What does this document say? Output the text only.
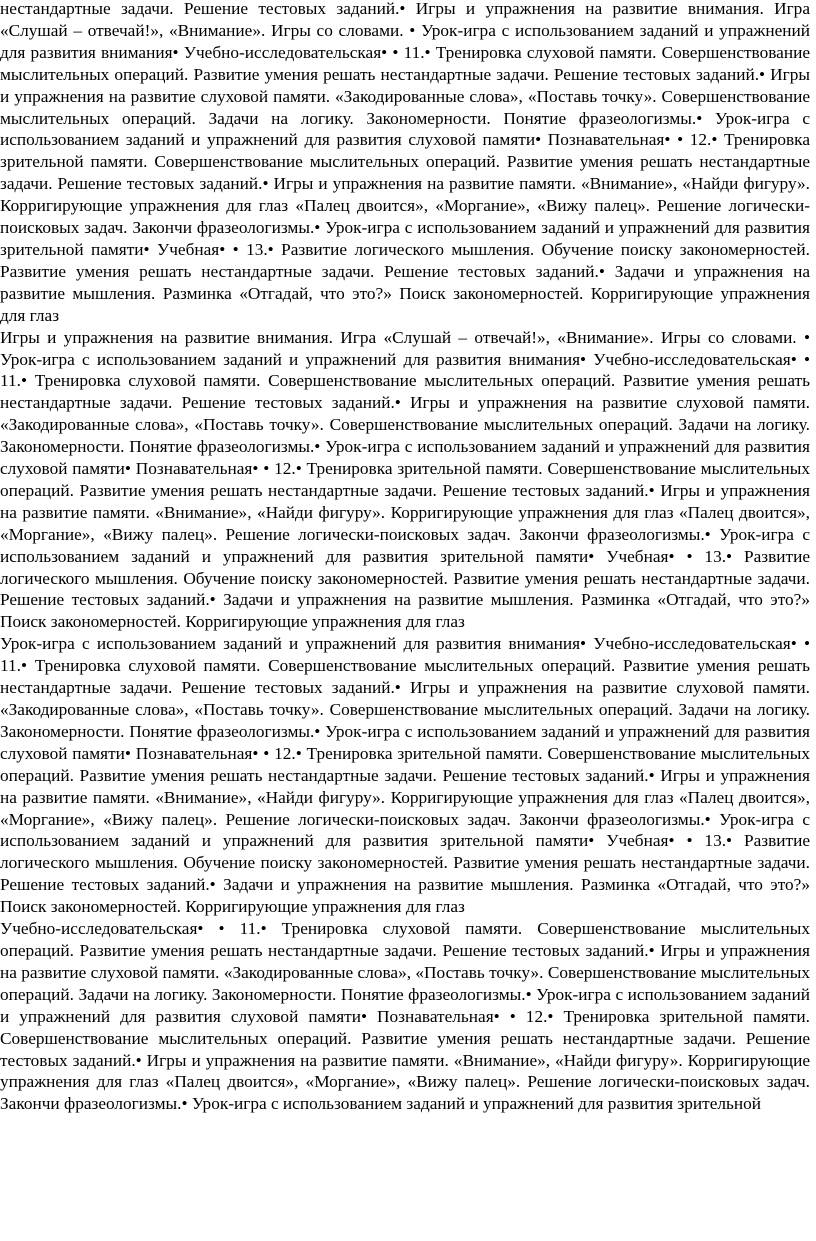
нестандартные задачи. Решение тестовых заданий.• Игры и упражнения на развитие внимания. Игра «Слушай – отвечай!», «Внимание». Игры со словами. • Урок-игра с использованием заданий и упражнений для развития внимания• Учебно-исследовательская• • 11.• Тренировка слуховой памяти. Совершенствование мыслительных операций. Развитие умения решать нестандартные задачи. Решение тестовых заданий.• Игры и упражнения на развитие слуховой памяти. «Закодированные слова», «Поставь точку». Совершенствование мыслительных операций. Задачи на логику. Закономерности. Понятие фразеологизмы.• Урок-игра с использованием заданий и упражнений для развития слуховой памяти• Познавательная• • 12.• Тренировка зрительной памяти. Совершенствование мыслительных операций. Развитие умения решать нестандартные задачи. Решение тестовых заданий.• Игры и упражнения на развитие памяти. «Внимание», «Найди фигуру». Корригирующие упражнения для глаз «Палец двоится», «Моргание», «Вижу палец». Решение логически-поисковых задач. Закончи фразеологизмы.• Урок-игра с использованием заданий и упражнений для развития зрительной памяти• Учебная• • 13.• Развитие логического мышления. Обучение поиску закономерностей. Развитие умения решать нестандартные задачи. Решение тестовых заданий.• Задачи и упражнения на развитие мышления. Разминка «Отгадай, что это?» Поиск закономерностей. Корригирующие упражнения для глаз

Игры и упражнения на развитие внимания. Игра «Слушай – отвечай!», «Внимание». Игры со словами. • Урок-игра с использованием заданий и упражнений для развития внимания• Учебно-исследовательская• • 11.• Тренировка слуховой памяти. Совершенствование мыслительных операций. Развитие умения решать нестандартные задачи. Решение тестовых заданий.• Игры и упражнения на развитие слуховой памяти. «Закодированные слова», «Поставь точку». Совершенствование мыслительных операций. Задачи на логику. Закономерности. Понятие фразеологизмы.• Урок-игра с использованием заданий и упражнений для развития слуховой памяти• Познавательная• • 12.• Тренировка зрительной памяти. Совершенствование мыслительных операций. Развитие умения решать нестандартные задачи. Решение тестовых заданий.• Игры и упражнения на развитие памяти. «Внимание», «Найди фигуру». Корригирующие упражнения для глаз «Палец двоится», «Моргание», «Вижу палец». Решение логически-поисковых задач. Закончи фразеологизмы.• Урок-игра с использованием заданий и упражнений для развития зрительной памяти• Учебная• • 13.• Развитие логического мышления. Обучение поиску закономерностей. Развитие умения решать нестандартные задачи. Решение тестовых заданий.• Задачи и упражнения на развитие мышления. Разминка «Отгадай, что это?» Поиск закономерностей. Корригирующие упражнения для глаз

Урок-игра с использованием заданий и упражнений для развития внимания• Учебно-исследовательская• • 11.• Тренировка слуховой памяти. Совершенствование мыслительных операций. Развитие умения решать нестандартные задачи. Решение тестовых заданий.• Игры и упражнения на развитие слуховой памяти. «Закодированные слова», «Поставь точку». Совершенствование мыслительных операций. Задачи на логику. Закономерности. Понятие фразеологизмы.• Урок-игра с использованием заданий и упражнений для развития слуховой памяти• Познавательная• • 12.• Тренировка зрительной памяти. Совершенствование мыслительных операций. Развитие умения решать нестандартные задачи. Решение тестовых заданий.• Игры и упражнения на развитие памяти. «Внимание», «Найди фигуру». Корригирующие упражнения для глаз «Палец двоится», «Моргание», «Вижу палец». Решение логически-поисковых задач. Закончи фразеологизмы.• Урок-игра с использованием заданий и упражнений для развития зрительной памяти• Учебная• • 13.• Развитие логического мышления. Обучение поиску закономерностей. Развитие умения решать нестандартные задачи. Решение тестовых заданий.• Задачи и упражнения на развитие мышления. Разминка «Отгадай, что это?» Поиск закономерностей. Корригирующие упражнения для глаз

Учебно-исследовательская• • 11.• Тренировка слуховой памяти. Совершенствование мыслительных операций. Развитие умения решать нестандартные задачи. Решение тестовых заданий.• Игры и упражнения на развитие слуховой памяти. «Закодированные слова», «Поставь точку». Совершенствование мыслительных операций. Задачи на логику. Закономерности. Понятие фразеологизмы.• Урок-игра с использованием заданий и упражнений для развития слуховой памяти• Познавательная• • 12.• Тренировка зрительной памяти. Совершенствование мыслительных операций. Развитие умения решать нестандартные задачи. Решение тестовых заданий.• Игры и упражнения на развитие памяти. «Внимание», «Найди фигуру». Корригирующие упражнения для глаз «Палец двоится», «Моргание», «Вижу палец». Решение логически-поисковых задач. Закончи фразеологизмы.• Урок-игра с использованием заданий и упражнений для развития зрительной
